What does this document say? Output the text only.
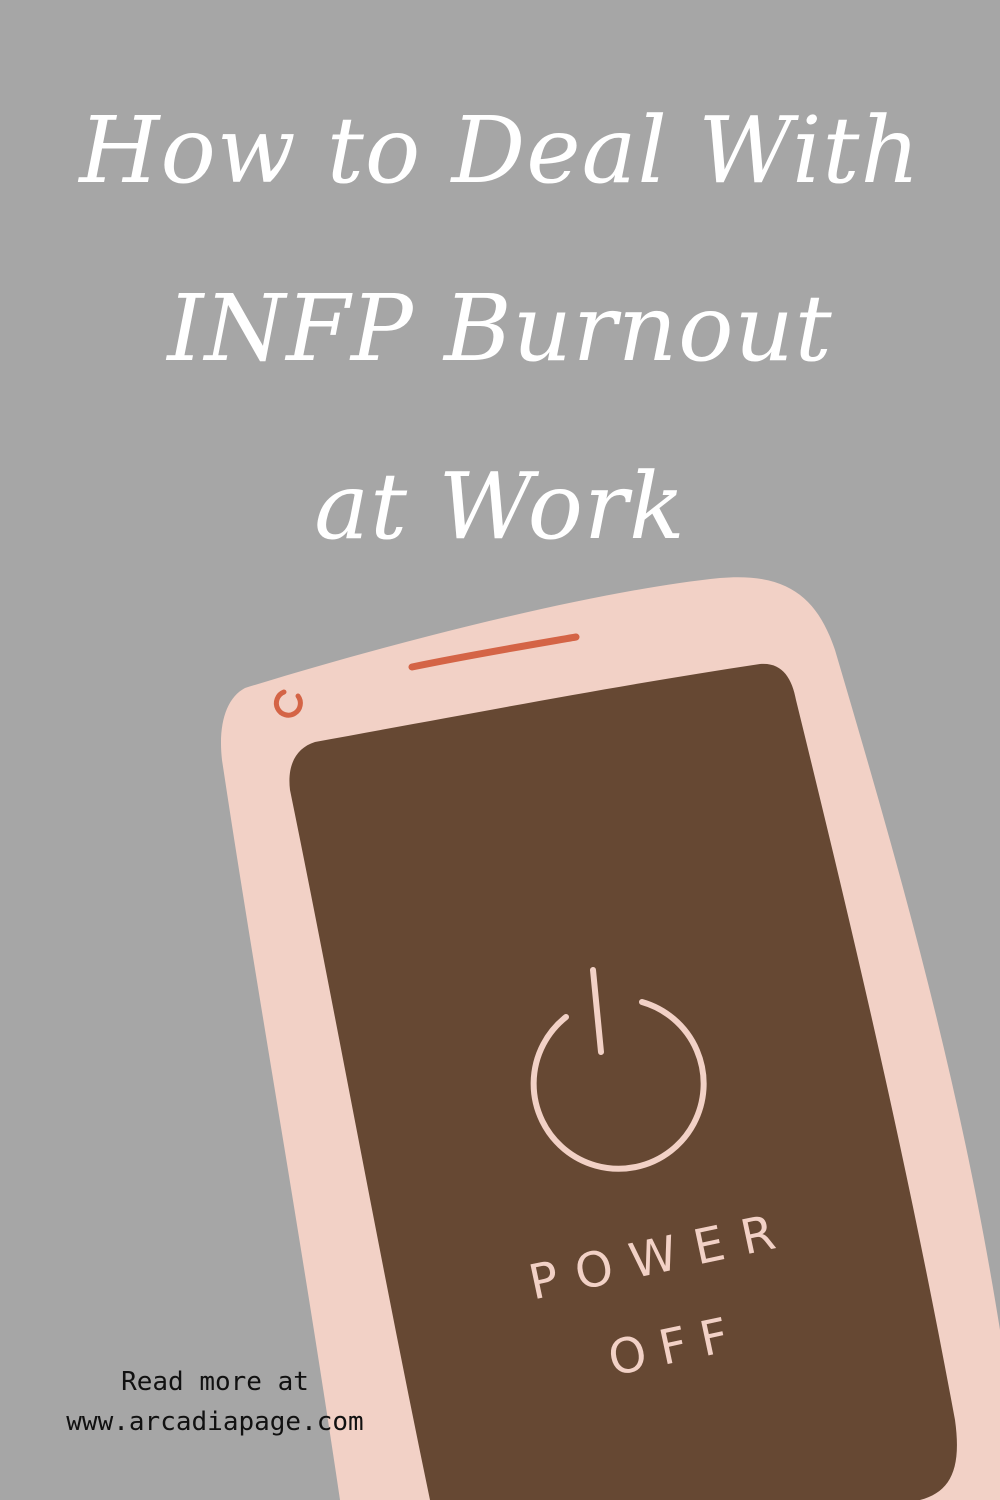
How to Deal With
INFP Burnout
at Work
POWER
OFF
Read more at
www.arcadiapage.com
